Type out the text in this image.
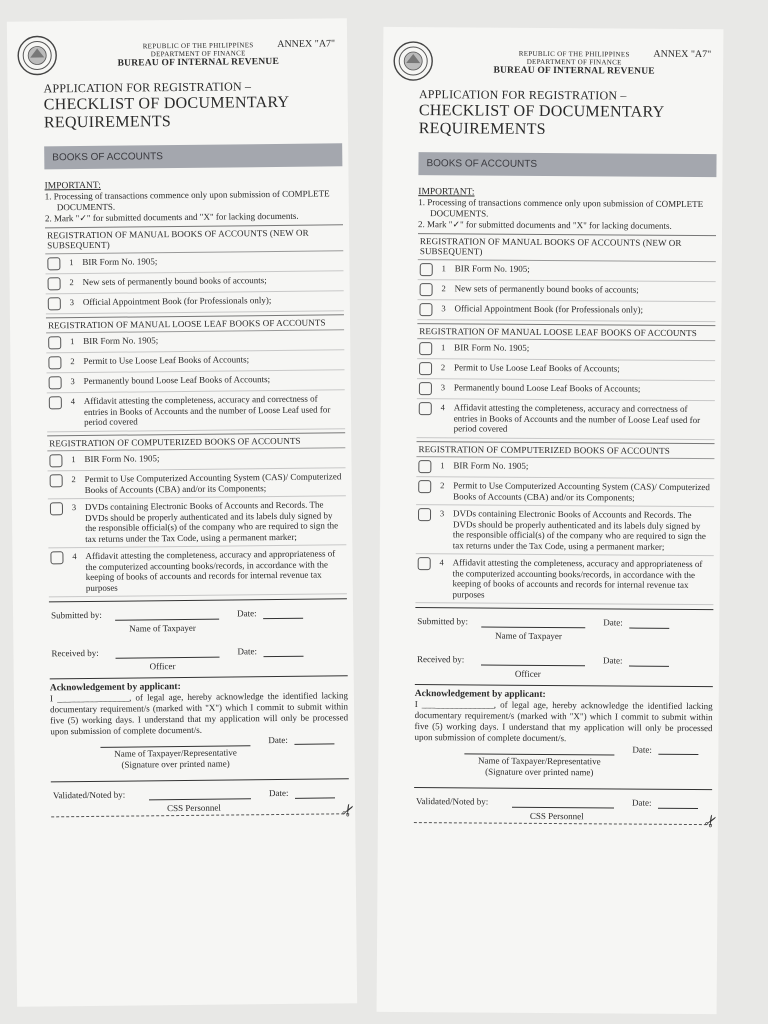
ANNEX "A7"
REPUBLIC OF THE PHILIPPINES
DEPARTMENT OF FINANCE
BUREAU OF INTERNAL REVENUE
APPLICATION FOR REGISTRATION –
CHECKLIST OF DOCUMENTARY
REQUIREMENTS
BOOKS OF ACCOUNTS
IMPORTANT:
1. Processing of transactions commence only upon submission of COMPLETE DOCUMENTS.
2. Mark "✓" for submitted documents and "X" for lacking documents.
REGISTRATION OF MANUAL BOOKS OF ACCOUNTS (NEW OR SUBSEQUENT)
1 BIR Form No. 1905;
2 New sets of permanently bound books of accounts;
3 Official Appointment Book (for Professionals only);
REGISTRATION OF MANUAL LOOSE LEAF BOOKS OF ACCOUNTS
1 BIR Form No. 1905;
2 Permit to Use Loose Leaf Books of Accounts;
3 Permanently bound Loose Leaf Books of Accounts;
4 Affidavit attesting the completeness, accuracy and correctness of entries in Books of Accounts and the number of Loose Leaf used for period covered
REGISTRATION OF COMPUTERIZED BOOKS OF ACCOUNTS
1 BIR Form No. 1905;
2 Permit to Use Computerized Accounting System (CAS)/ Computerized Books of Accounts (CBA) and/or its Components;
3 DVDs containing Electronic Books of Accounts and Records. The DVDs should be properly authenticated and its labels duly signed by the responsible official(s) of the company who are required to sign the tax returns under the Tax Code, using a permanent marker;
4 Affidavit attesting the completeness, accuracy and appropriateness of the computerized accounting books/records, in accordance with the keeping of books of accounts and records for internal revenue tax purposes
Submitted by:
Name of Taxpayer
Date:
Received by:
Officer
Date:
Acknowledgement by applicant:
I ________________, of legal age, hereby acknowledge the identified lacking documentary requirement/s (marked with "X") which I commit to submit within five (5) working days. I understand that my application will only be processed upon submission of complete document/s.
Name of Taxpayer/Representative
(Signature over printed name)
Date:
Validated/Noted by:
CSS Personnel
Date:
✂
ANNEX "A7"
REPUBLIC OF THE PHILIPPINES
DEPARTMENT OF FINANCE
BUREAU OF INTERNAL REVENUE
APPLICATION FOR REGISTRATION –
CHECKLIST OF DOCUMENTARY
REQUIREMENTS
BOOKS OF ACCOUNTS
IMPORTANT:
1. Processing of transactions commence only upon submission of COMPLETE DOCUMENTS.
2. Mark "✓" for submitted documents and "X" for lacking documents.
REGISTRATION OF MANUAL BOOKS OF ACCOUNTS (NEW OR SUBSEQUENT)
1 BIR Form No. 1905;
2 New sets of permanently bound books of accounts;
3 Official Appointment Book (for Professionals only);
REGISTRATION OF MANUAL LOOSE LEAF BOOKS OF ACCOUNTS
1 BIR Form No. 1905;
2 Permit to Use Loose Leaf Books of Accounts;
3 Permanently bound Loose Leaf Books of Accounts;
4 Affidavit attesting the completeness, accuracy and correctness of entries in Books of Accounts and the number of Loose Leaf used for period covered
REGISTRATION OF COMPUTERIZED BOOKS OF ACCOUNTS
1 BIR Form No. 1905;
2 Permit to Use Computerized Accounting System (CAS)/ Computerized Books of Accounts (CBA) and/or its Components;
3 DVDs containing Electronic Books of Accounts and Records. The DVDs should be properly authenticated and its labels duly signed by the responsible official(s) of the company who are required to sign the tax returns under the Tax Code, using a permanent marker;
4 Affidavit attesting the completeness, accuracy and appropriateness of the computerized accounting books/records, in accordance with the keeping of books of accounts and records for internal revenue tax purposes
Submitted by:
Name of Taxpayer
Date:
Received by:
Officer
Date:
Acknowledgement by applicant:
I ________________, of legal age, hereby acknowledge the identified lacking documentary requirement/s (marked with "X") which I commit to submit within five (5) working days. I understand that my application will only be processed upon submission of complete document/s.
Name of Taxpayer/Representative
(Signature over printed name)
Date:
Validated/Noted by:
CSS Personnel
Date:
✂
